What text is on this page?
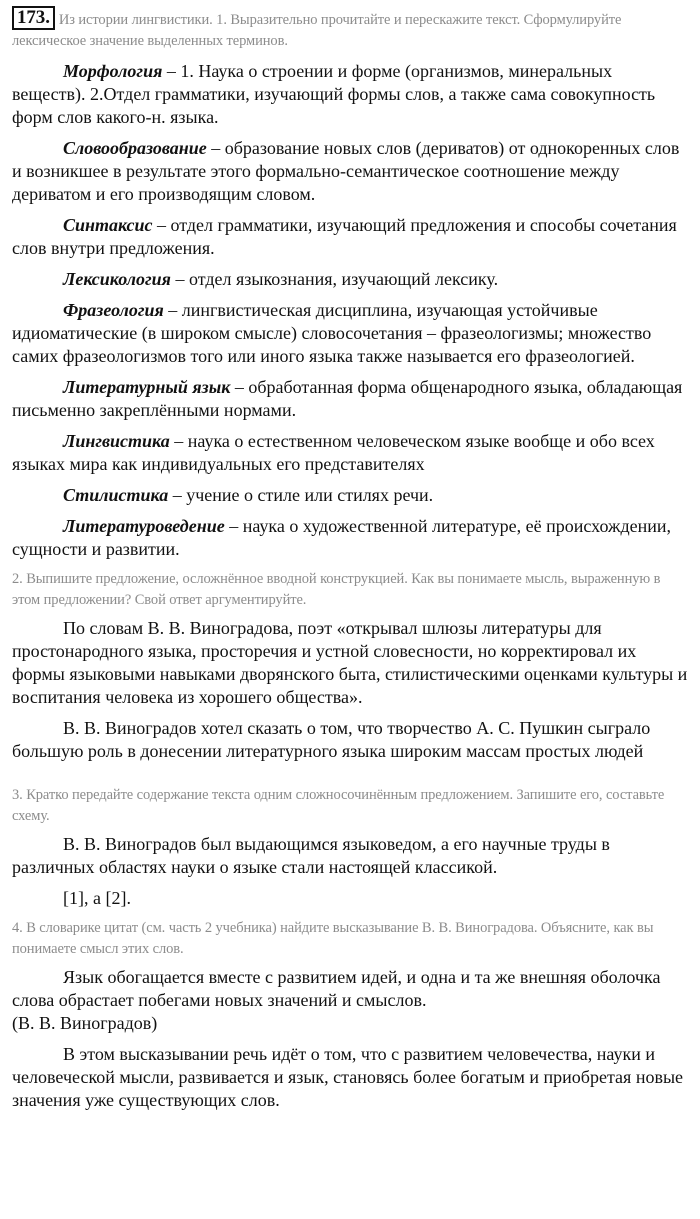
173. Из истории лингвистики. 1. Выразительно прочитайте и перескажите текст. Сформулируйте лексическое значение выделенных терминов.
Морфология – 1. Наука о строении и форме (организмов, минеральных веществ). 2.Отдел грамматики, изучающий формы слов, а также сама совокупность форм слов какого-н. языка.
Словообразование – образование новых слов (дериватов) от однокоренных слов и возникшее в результате этого формально-семантическое соотношение между дериватом и его производящим словом.
Синтаксис – отдел грамматики, изучающий предложения и способы сочетания слов внутри предложения.
Лексикология – отдел языкознания, изучающий лексику.
Фразеология – лингвистическая дисциплина, изучающая устойчивые идиоматические (в широком смысле) словосочетания – фразеологизмы; множество самих фразеологизмов того или иного языка также называется его фразеологией.
Литературный язык – обработанная форма общенародного языка, обладающая письменно закреплёнными нормами.
Лингвистика – наука о естественном человеческом языке вообще и обо всех языках мира как индивидуальных его представителях
Стилистика – учение о стиле или стилях речи.
Литературоведение – наука о художественной литературе, её происхождении, сущности и развитии.
2. Выпишите предложение, осложнённое вводной конструкцией. Как вы понимаете мысль, выраженную в этом предложении? Свой ответ аргументируйте.
По словам В. В. Виноградова, поэт «открывал шлюзы литературы для простонародного языка, просторечия и устной словесности, но корректировал их формы языковыми навыками дворянского быта, стилистическими оценками культуры и воспитания человека из хорошего общества».
В. В. Виноградов хотел сказать о том, что творчество А. С. Пушкин сыграло большую роль в донесении литературного языка широким массам простых людей
3. Кратко передайте содержание текста одним сложносочинённым предложением. Запишите его, составьте схему.
В. В. Виноградов был выдающимся языковедом, а его научные труды в различных областях науки о языке стали настоящей классикой.
[1], а [2].
4. В словарике цитат (см. часть 2 учебника) найдите высказывание В. В. Виноградова. Объясните, как вы понимаете смысл этих слов.
Язык обогащается вместе с развитием идей, и одна и та же внешняя оболочка слова обрастает побегами новых значений и смыслов.
(В. В. Виноградов)
В этом высказывании речь идёт о том, что с развитием человечества, науки и человеческой мысли, развивается и язык, становясь более богатым и приобретая новые значения уже существующих слов.
